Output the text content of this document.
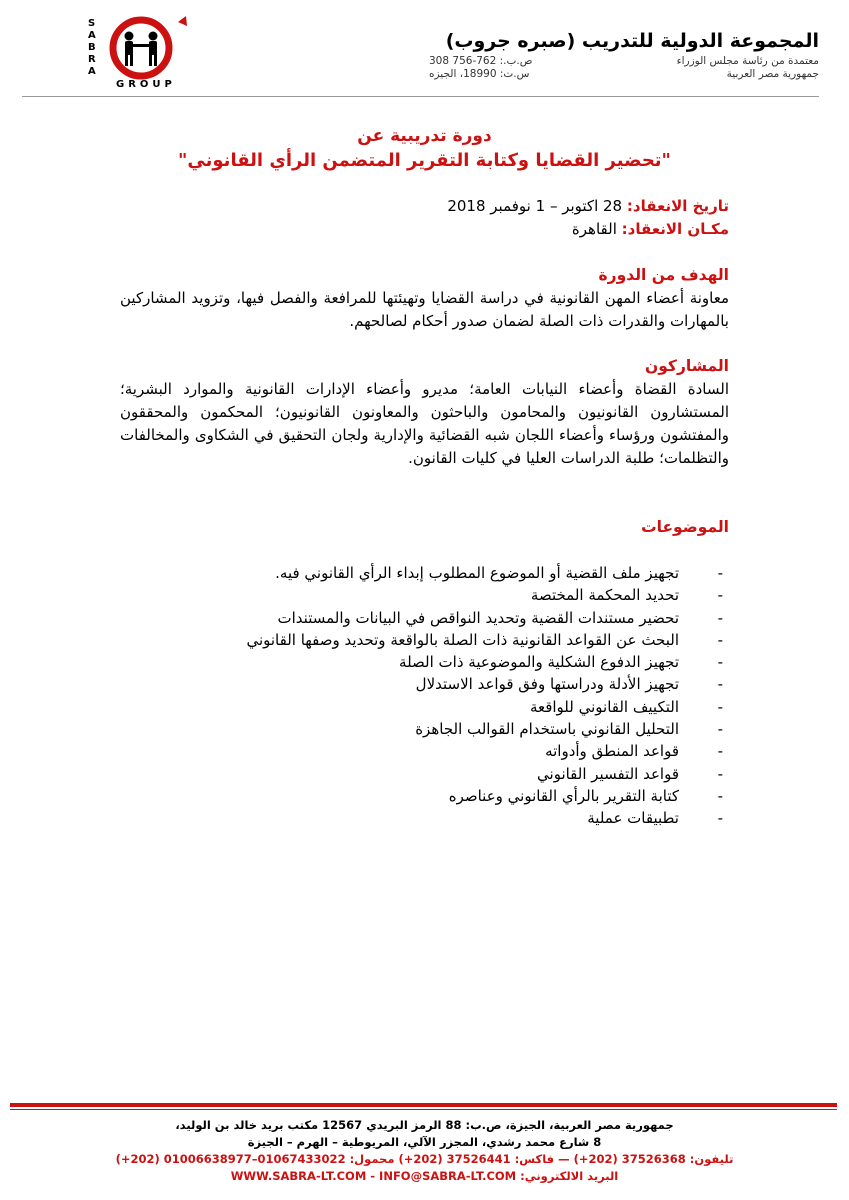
S
A
B
R
A
GROUP
المجموعة الدولية للتدريب (صبره جروب)
معتمدة من رئاسة مجلس الوزراء
ص.ب.: 762-756 308
جمهورية مصر العربية
س.ت: 18990، الجيزه
دورة تدريبية عن
"تحضير القضايا وكتابة التقرير المتضمن الرأي القانوني"
تاريخ الانعقاد: 28 اكتوبر – 1 نوفمبر 2018
مكـان الانعقاد: القاهرة
الهدف من الدورة
معاونة أعضاء المهن القانونية في دراسة القضايا وتهيئتها للمرافعة والفصل فيها، وتزويد المشاركين بالمهارات والقدرات ذات الصلة لضمان صدور أحكام لصالحهم.
المشاركون
السادة القضاة وأعضاء النيابات العامة؛ مديرو وأعضاء الإدارات القانونية والموارد البشرية؛ المستشارون القانونيون والمحامون والباحثون والمعاونون القانونيون؛ المحكمون والمحققون والمفتشون ورؤساء وأعضاء اللجان شبه القضائية والإدارية ولجان التحقيق في الشكاوى والمخالفات والتظلمات؛ طلبة الدراسات العليا في كليات القانون.
الموضوعات
-
تجهيز ملف القضية أو الموضوع المطلوب إبداء الرأي القانوني فيه.
-
تحديد المحكمة المختصة
-
تحضير مستندات القضية وتحديد النواقص في البيانات والمستندات
-
البحث عن القواعد القانونية ذات الصلة بالواقعة وتحديد وصفها القانوني
-
تجهيز الدفوع الشكلية والموضوعية ذات الصلة
-
تجهيز الأدلة ودراستها وفق قواعد الاستدلال
-
التكييف القانوني للواقعة
-
التحليل القانوني باستخدام القوالب الجاهزة
-
قواعد المنطق وأدواته
-
قواعد التفسير القانوني
-
كتابة التقرير بالرأي القانوني وعناصره
-
تطبيقات عملية
جمهورية مصر العربية، الجيزة، ص.ب: 88 الرمز البريدي 12567 مكتب بريد خالد بن الوليد،
8 شارع محمد رشدي، المجزر الآلي، المريوطية – الهرم – الجيزة
تليفون: 37526368 (202+) — فاكس: 37526441 (202+) محمول: 01067433022–01006638977 (202+)
البريد الالكتروني: WWW.SABRA-LT.COM - INFO@SABRA-LT.COM
